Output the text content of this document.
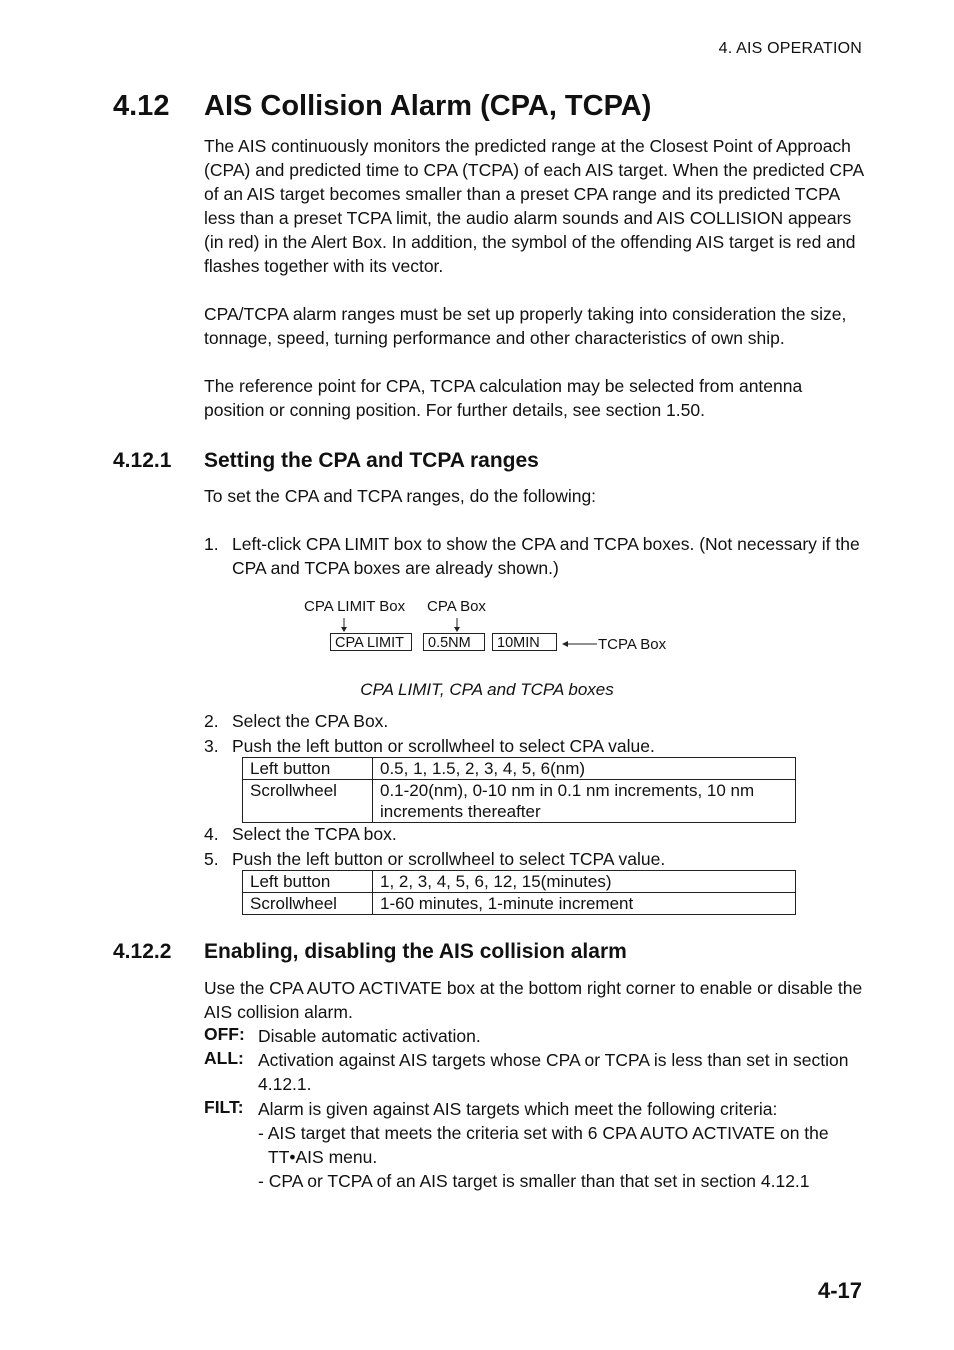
4. AIS OPERATION
4.12 AIS Collision Alarm (CPA, TCPA)

The AIS continuously monitors the predicted range at the Closest Point of Approach (CPA) and predicted time to CPA (TCPA) of each AIS target. When the predicted CPA of an AIS target becomes smaller than a preset CPA range and its predicted TCPA less than a preset TCPA limit, the audio alarm sounds and AIS COLLISION appears (in red) in the Alert Box. In addition, the symbol of the offending AIS target is red and flashes together with its vector.

CPA/TCPA alarm ranges must be set up properly taking into consideration the size, tonnage, speed, turning performance and other characteristics of own ship.

The reference point for CPA, TCPA calculation may be selected from antenna position or conning position. For further details, see section 1.50.

4.12.1 Setting the CPA and TCPA ranges
To set the CPA and TCPA ranges, do the following:
1. Left-click CPA LIMIT box to show the CPA and TCPA boxes. (Not necessary if the CPA and TCPA boxes are already shown.)
CPA LIMIT Box CPA Box
CPA LIMIT	0.5NM	10MIN	TCPA Box
CPA LIMIT, CPA and TCPA boxes
2. Select the CPA Box.
3. Push the left button or scrollwheel to select CPA value.
Left button	0.5, 1, 1.5, 2, 3, 4, 5, 6(nm)
Scrollwheel	0.1-20(nm), 0-10 nm in 0.1 nm increments, 10 nm increments thereafter
4. Select the TCPA box.
5. Push the left button or scrollwheel to select TCPA value.
Left button	1, 2, 3, 4, 5, 6, 12, 15(minutes)
Scrollwheel	1-60 minutes, 1-minute increment
4.12.2 Enabling, disabling the AIS collision alarm
Use the CPA AUTO ACTIVATE box at the bottom right corner to enable or disable the AIS collision alarm.
OFF: Disable automatic activation.
ALL: Activation against AIS targets whose CPA or TCPA is less than set in section 4.12.1.
FILT: Alarm is given against AIS targets which meet the following criteria:
- AIS target that meets the criteria set with 6 CPA AUTO ACTIVATE on the TT•AIS menu.
- CPA or TCPA of an AIS target is smaller than that set in section 4.12.1
4-17
